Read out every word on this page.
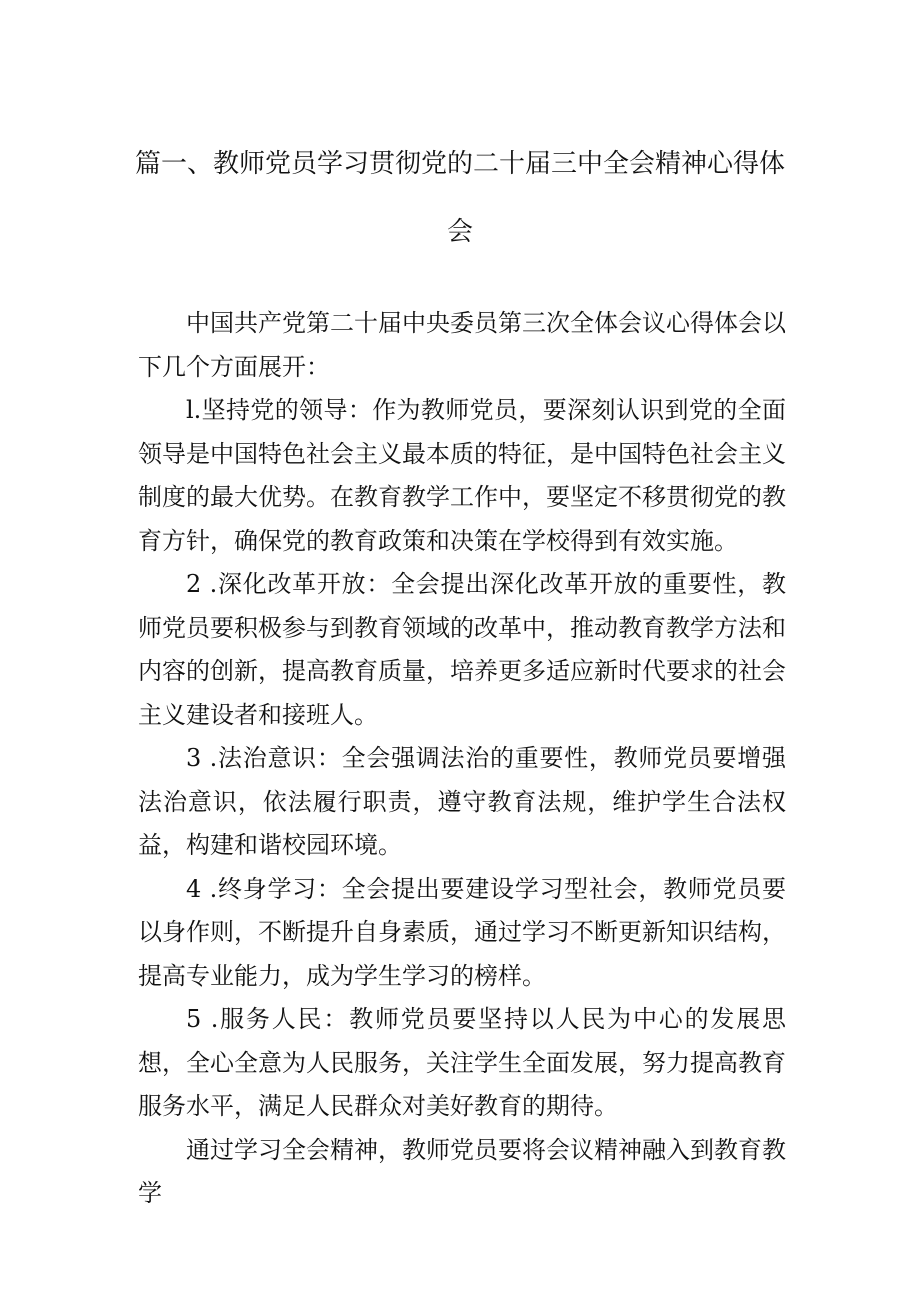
篇一、教师党员学习贯彻党的二十届三中全会精神心得体
会

中国共产党第二十届中央委员第三次全体会议心得体会以下几个方面展开：

l.坚持党的领导：作为教师党员，要深刻认识到党的全面领导是中国特色社会主义最本质的特征，是中国特色社会主义制度的最大优势。在教育教学工作中，要坚定不移贯彻党的教育方针，确保党的教育政策和决策在学校得到有效实施。

2 .深化改革开放：全会提出深化改革开放的重要性，教师党员要积极参与到教育领域的改革中，推动教育教学方法和内容的创新，提高教育质量，培养更多适应新时代要求的社会主义建设者和接班人。

3 .法治意识：全会强调法治的重要性，教师党员要增强法治意识，依法履行职责，遵守教育法规，维护学生合法权益，构建和谐校园环境。

4 .终身学习：全会提出要建设学习型社会，教师党员要以身作则，不断提升自身素质，通过学习不断更新知识结构，提高专业能力，成为学生学习的榜样。

5 .服务人民：教师党员要坚持以人民为中心的发展思想，全心全意为人民服务，关注学生全面发展，努力提高教育服务水平，满足人民群众对美好教育的期待。

通过学习全会精神，教师党员要将会议精神融入到教育教学
